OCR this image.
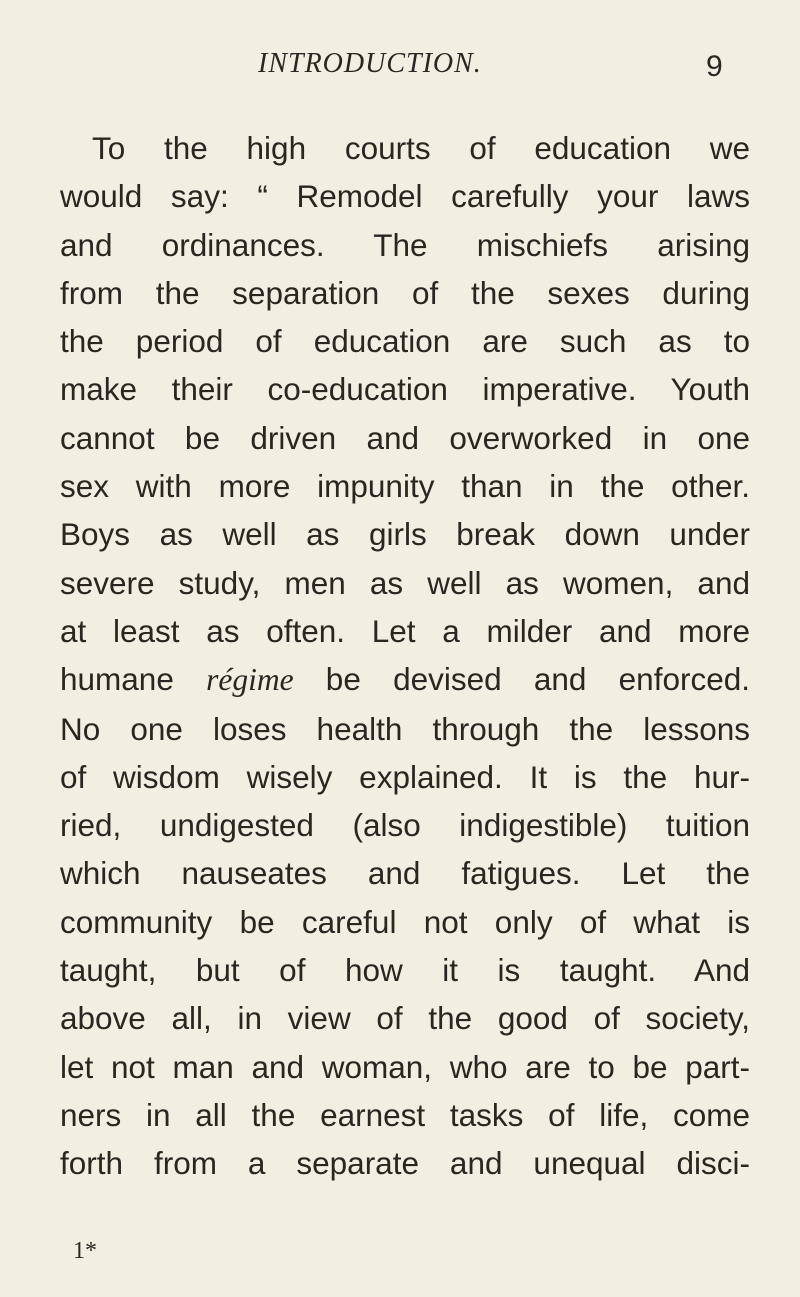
INTRODUCTION.	9
To the high courts of education we
would say: “ Remodel carefully your laws
and ordinances. The mischiefs arising
from the separation of the sexes during
the period of education are such as to
make their co-education imperative. Youth
cannot be driven and overworked in one
sex with more impunity than in the other.
Boys as well as girls break down under
severe study, men as well as women, and
at least as often. Let a milder and more
humane régime be devised and enforced.
No one loses health through the lessons
of wisdom wisely explained. It is the hur-
ried, undigested (also indigestible) tuition
which nauseates and fatigues. Let the
community be careful not only of what is
taught, but of how it is taught. And
above all, in view of the good of society,
let not man and woman, who are to be part-
ners in all the earnest tasks of life, come
forth from a separate and unequal disci-
1*
